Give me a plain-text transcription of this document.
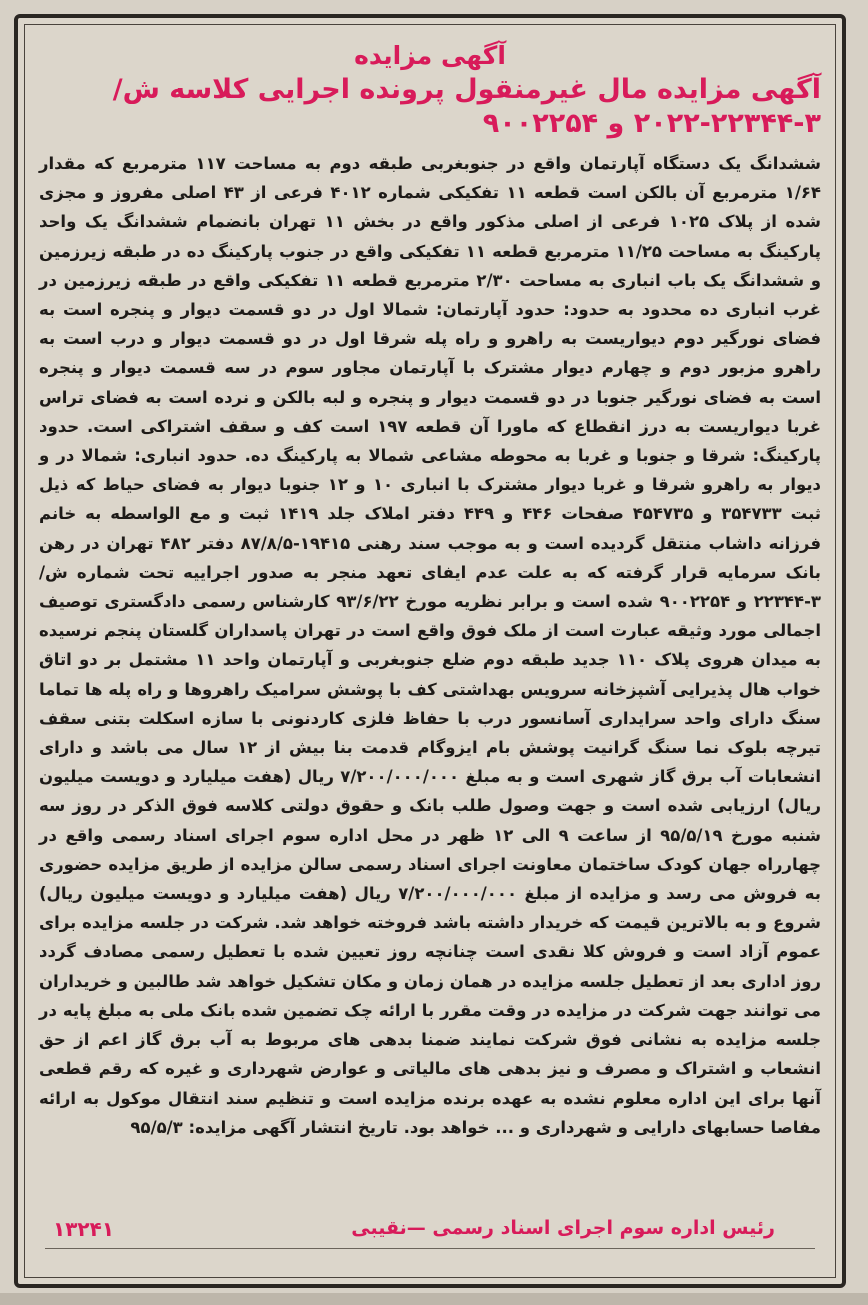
آگهی مزایده
آگهی مزایده مال غیرمنقول پرونده اجرایی کلاسه ش/۳-۲۲۳۴۴-۲۰۲۲ و ۹۰۰۲۲۵۴

ششدانگ یک دستگاه آپارتمان واقع در جنوبغربی طبقه دوم به مساحت ۱۱۷ مترمربع که مقدار ۱/۶۴ مترمربع آن بالکن است قطعه ۱۱ تفکیکی شماره ۴۰۱۲ فرعی از ۴۳ اصلی مفروز و مجزی شده از پلاک ۱۰۲۵ فرعی از اصلی مذکور واقع در بخش ۱۱ تهران بانضمام ششدانگ یک واحد پارکینگ به مساحت ۱۱/۲۵ مترمربع قطعه ۱۱ تفکیکی واقع در جنوب پارکینگ ده در طبقه زیرزمین و ششدانگ یک باب انباری به مساحت ۲/۳۰ مترمربع قطعه ۱۱ تفکیکی واقع در طبقه زیرزمین در غرب انباری ده محدود به حدود: حدود آپارتمان: شمالا اول در دو قسمت دیوار و پنجره است به فضای نورگیر دوم دیواریست به راهرو و راه پله شرقا اول در دو قسمت دیوار و درب است به راهرو مزبور دوم و چهارم دیوار مشترک با آپارتمان مجاور سوم در سه قسمت دیوار و پنجره است به فضای نورگیر جنوبا در دو قسمت دیوار و پنجره و لبه بالکن و نرده است به فضای تراس غربا دیواریست به درز انقطاع که ماورا آن قطعه ۱۹۷ است کف و سقف اشتراکی است. حدود پارکینگ: شرقا و جنوبا و غربا به محوطه مشاعی شمالا به پارکینگ ده. حدود انباری: شمالا در و دیوار به راهرو شرقا و غربا دیوار مشترک با انباری ۱۰ و ۱۲ جنوبا دیوار به فضای حیاط که ذیل ثبت ۳۵۴۷۳۳ و ۴۵۴۷۳۵ صفحات ۴۴۶ و ۴۴۹ دفتر املاک جلد ۱۴۱۹ ثبت و مع الواسطه به خانم فرزانه داشاب منتقل گردیده است و به موجب سند رهنی ۱۹۴۱۵-۸۷/۸/۵ دفتر ۴۸۲ تهران در رهن بانک سرمایه قرار گرفته که به علت عدم ایفای تعهد منجر به صدور اجراییه تحت شماره ش/۳-۲۲۳۴۴ و ۹۰۰۲۲۵۴ شده است و برابر نظریه مورخ ۹۳/۶/۲۲ کارشناس رسمی دادگستری توصیف اجمالی مورد وثیقه عبارت است از ملک فوق واقع است در تهران پاسداران گلستان پنجم نرسیده به میدان هروی پلاک ۱۱۰ جدید طبقه دوم ضلع جنوبغربی و آپارتمان واحد ۱۱ مشتمل بر دو اتاق خواب هال پذیرایی آشپزخانه سرویس بهداشتی کف با پوشش سرامیک راهروها و راه پله ها تماما سنگ دارای واحد سرایداری آسانسور درب با حفاظ فلزی کاردنونی با سازه اسکلت بتنی سقف تیرچه بلوک نما سنگ گرانیت پوشش بام ایزوگام قدمت بنا بیش از ۱۲ سال می باشد و دارای انشعابات آب برق گاز شهری است و به مبلغ ۷/۲۰۰/۰۰۰/۰۰۰ ریال (هفت میلیارد و دویست میلیون ریال) ارزیابی شده است و جهت وصول طلب بانک و حقوق دولتی کلاسه فوق الذکر در روز سه شنبه مورخ ۹۵/۵/۱۹ از ساعت ۹ الی ۱۲ ظهر در محل اداره سوم اجرای اسناد رسمی واقع در چهارراه جهان کودک ساختمان معاونت اجرای اسناد رسمی سالن مزایده از طریق مزایده حضوری به فروش می رسد و مزایده از مبلغ ۷/۲۰۰/۰۰۰/۰۰۰ ریال (هفت میلیارد و دویست میلیون ریال) شروع و به بالاترین قیمت که خریدار داشته باشد فروخته خواهد شد. شرکت در جلسه مزایده برای عموم آزاد است و فروش کلا نقدی است چنانچه روز تعیین شده با تعطیل رسمی مصادف گردد روز اداری بعد از تعطیل جلسه مزایده در همان زمان و مکان تشکیل خواهد شد طالبین و خریداران می توانند جهت شرکت در مزایده در وقت مقرر با ارائه چک تضمین شده بانک ملی به مبلغ پایه در جلسه مزایده به نشانی فوق شرکت نمایند ضمنا بدهی های مربوط به آب برق گاز اعم از حق انشعاب و اشتراک و مصرف و نیز بدهی های مالیاتی و عوارض شهرداری و غیره که رقم قطعی آنها برای این اداره معلوم نشده به عهده برنده مزایده است و تنظیم سند انتقال موکول به ارائه مفاصا حسابهای دارایی و شهرداری و ... خواهد بود. تاریخ انتشار آگهی مزایده: ۹۵/۵/۳

رئیس اداره سوم اجرای اسناد رسمی —نقیبی
۱۳۲۴۱
